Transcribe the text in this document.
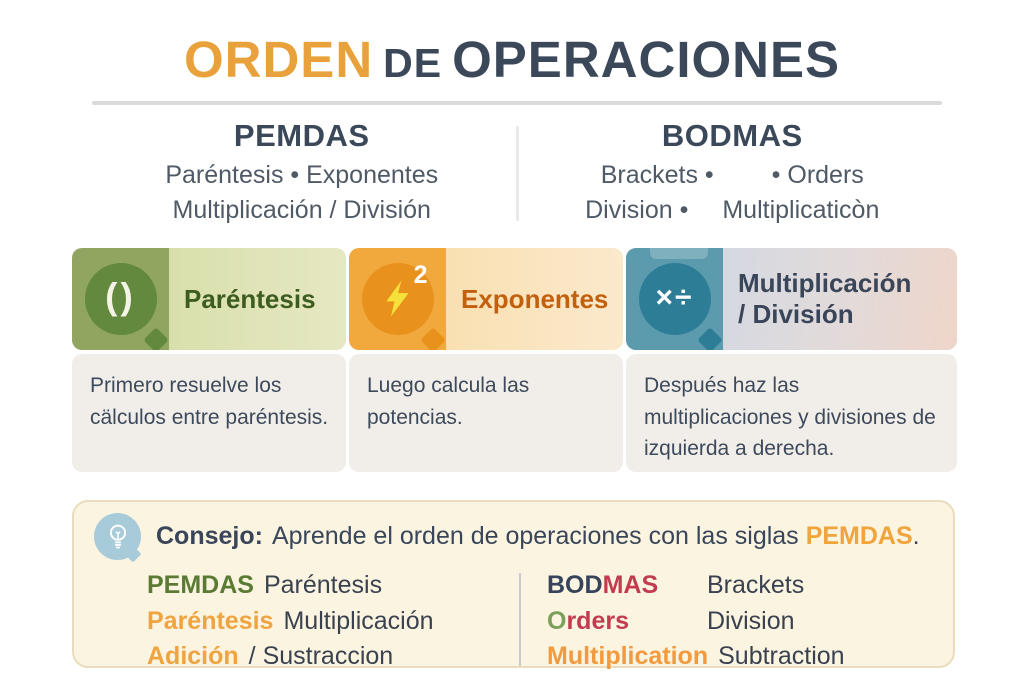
ORDEN DE OPERACIONES
PEMDAS
Paréntesis • Exponentes
Multiplicación / División
BODMAS
Brackets • • Orders
Division • Multiplicaticòn
() Paréntesis

Primero resuelve los cälculos entre paréntesis.

2
Exponentes

Luego calcula las potencias.

×÷ Multiplicación
/ División

Después haz las multiplicaciones y divisiones de izquierda a derecha.

Consejo: Aprende el orden de operaciones con las siglas PEMDAS.
PEMDAS Paréntesis
Paréntesis Multiplicación
Adición / Sustraccion
BODMAS Brackets
Orders	Division
Multiplication Subtraction
